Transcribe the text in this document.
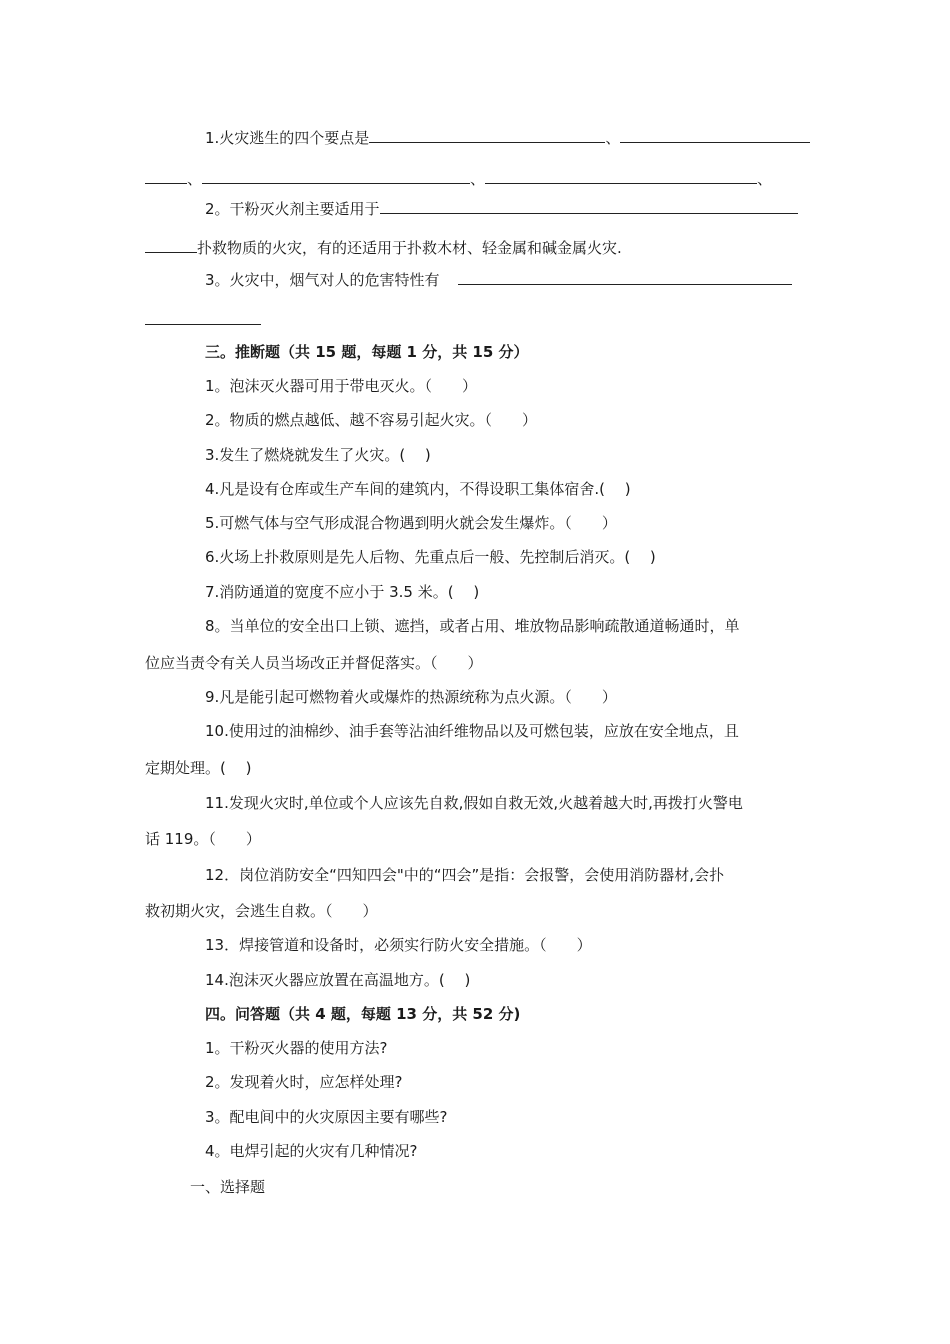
1.火灾逃生的四个要点是	、
、	、	、
2。干粉灭火剂主要适用于
扑救物质的火灾，有的还适用于扑救木材、轻金属和碱金属火灾.
3。火灾中，烟气对人的危害特性有
三。推断题（共 15 题，每题 1 分，共 15 分）
1。泡沫灭火器可用于带电灭火。（　　）
2。物质的燃点越低、越不容易引起火灾。（　　）
3.发生了燃烧就发生了火灾。( 　)
4.凡是设有仓库或生产车间的建筑内，不得设职工集体宿舍.( 　)
5.可燃气体与空气形成混合物遇到明火就会发生爆炸。（　　）
6.火场上扑救原则是先人后物、先重点后一般、先控制后消灭。( 　)
7.消防通道的宽度不应小于 3.5 米。( 　)
8。当单位的安全出口上锁、遮挡，或者占用、堆放物品影响疏散通道畅通时，单
位应当责令有关人员当场改正并督促落实。（　　）
9.凡是能引起可燃物着火或爆炸的热源统称为点火源。（　　）
10.使用过的油棉纱、油手套等沾油纤维物品以及可燃包装，应放在安全地点，且
定期处理。( 　)
11.发现火灾时,单位或个人应该先自救,假如自救无效,火越着越大时,再拨打火警电
话 119。（　　）
12．岗位消防安全“四知四会"中的“四会”是指：会报警，会使用消防器材,会扑
救初期火灾，会逃生自救。（　　）
13．焊接管道和设备时，必须实行防火安全措施。（　　）
14.泡沫灭火器应放置在高温地方。( 　)
四。问答题（共 4 题，每题 13 分，共 52 分)
1。干粉灭火器的使用方法?
2。发现着火时，应怎样处理?
3。配电间中的火灾原因主要有哪些?
4。电焊引起的火灾有几种情况?
一、选择题
